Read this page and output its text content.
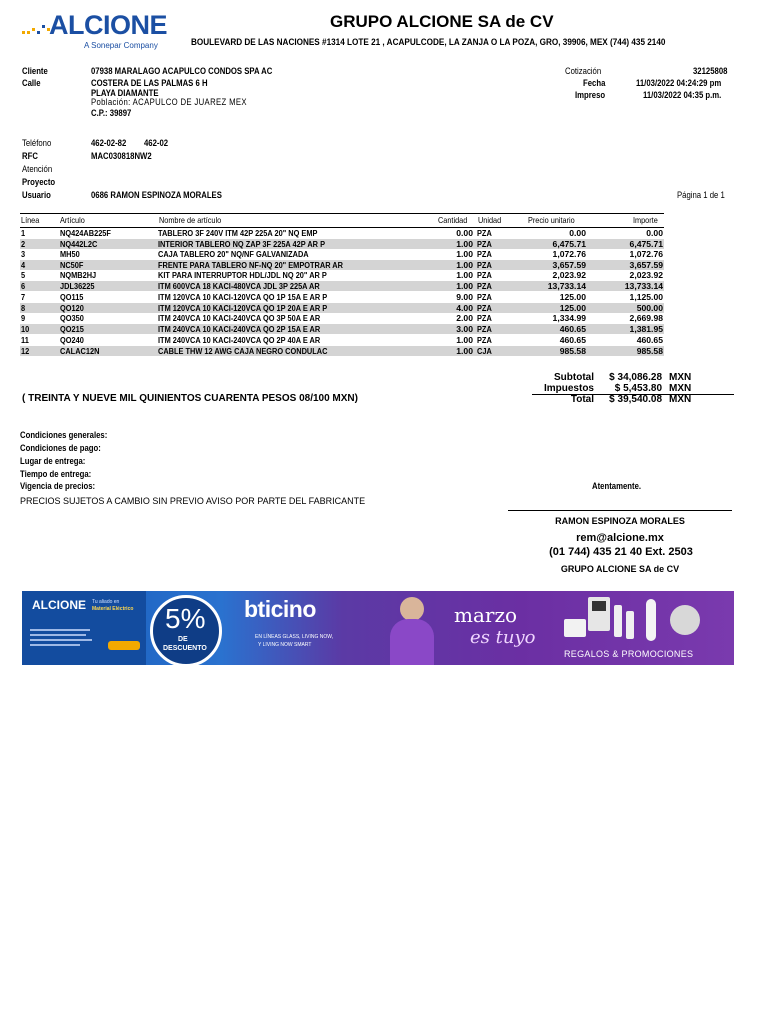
ALCIONE
A Sonepar Company
GRUPO ALCIONE SA de CV
BOULEVARD DE LAS NACIONES #1314 LOTE 21 , ACAPULCODE, LA ZANJA O LA POZA, GRO, 39906, MEX (744) 435 2140
Cliente	07938 MARALAGO ACAPULCO CONDOS SPA AC
Calle	COSTERA DE LAS PALMAS 6 H
PLAYA DIAMANTE
Población: ACAPULCO DE JUAREZ MEX
C.P.: 39897
Cotización	32125808
Fecha	11/03/2022 04:24:29 pm
Impreso	11/03/2022 04:35 p.m.
Teléfono	462-02-82 462-02
RFC	MAC030818NW2
Atención
Proyecto
Usuario	0686 RAMON ESPINOZA MORALES	Página 1 de 1
Línea Artículo	Nombre de artículo	Cantidad Unidad	Precio unitario	Importe
1	NQ424AB225F	TABLERO 3F 240V ITM 42P 225A 20" NQ EMP	0.00 PZA	0.00	0.00
2	NQ442L2C	INTERIOR TABLERO NQ ZAP 3F 225A 42P AR P	1.00 PZA	6,475.71	6,475.71
3	MH50	CAJA TABLERO 20" NQ/NF GALVANIZADA	1.00 PZA	1,072.76	1,072.76
4	NC50F	FRENTE PARA TABLERO NF-NQ 20" EMPOTRAR AR	1.00 PZA	3,657.59	3,657.59
5	NQMB2HJ	KIT PARA INTERRUPTOR HDL/JDL NQ 20" AR P	1.00 PZA	2,023.92	2,023.92
6	JDL36225	ITM 600VCA 18 KACI-480VCA JDL 3P 225A AR	1.00 PZA	13,733.14	13,733.14
7	QO115	ITM 120VCA 10 KACI-120VCA QO 1P 15A E AR P	9.00 PZA	125.00	1,125.00
8	QO120	ITM 120VCA 10 KACI-120VCA QO 1P 20A E AR P	4.00 PZA	125.00	500.00
9	QO350	ITM 240VCA 10 KACI-240VCA QO 3P 50A E AR	2.00 PZA	1,334.99	2,669.98
10	QO215	ITM 240VCA 10 KACI-240VCA QO 2P 15A E AR	3.00 PZA	460.65	1,381.95
11	QO240	ITM 240VCA 10 KACI-240VCA QO 2P 40A E AR	1.00 PZA	460.65	460.65
12	CALAC12N	CABLE THW 12 AWG CAJA NEGRO CONDULAC	1.00 CJA	985.58	985.58
Subtotal	$ 34,086.28 MXN
Impuestos	$ 5,453.80 MXN
Total	$ 39,540.08 MXN
( TREINTA Y NUEVE MIL QUINIENTOS CUARENTA PESOS 08/100 MXN)
Condiciones generales:
Condiciones de pago:
Lugar de entrega:
Tiempo de entrega:
Vigencia de precios:
PRECIOS SUJETOS A CAMBIO SIN PREVIO AVISO POR PARTE DEL FABRICANTE
Atentamente.
RAMON ESPINOZA MORALES
rem@alcione.mx
(01 744) 435 21 40 Ext. 2503
GRUPO ALCIONE SA de CV
ALCIONE Tu aliado en
Material Eléctrico 5%
DE
DESCUENTO
bticino
EN LÍNEAS GLASS, LIVING NOW,
Y LIVING NOW SMART
marzo
es tuyo
REGALOS & PROMOCIONES
